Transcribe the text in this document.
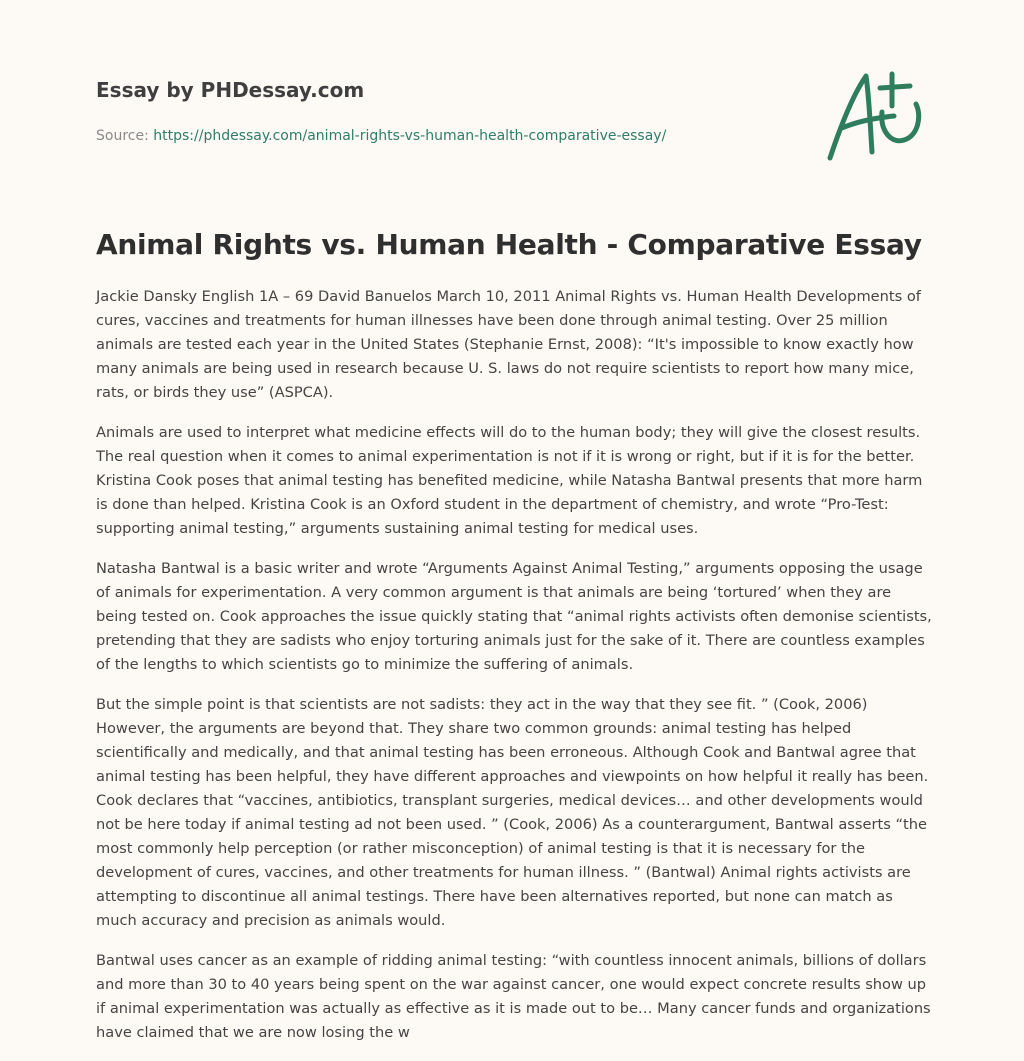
Essay by PHDessay.com
Source: https://phdessay.com/animal-rights-vs-human-health-comparative-essay/
Animal Rights vs. Human Health - Comparative Essay

Jackie Dansky English 1A – 69 David Banuelos March 10, 2011 Animal Rights vs. Human Health Developments of cures, vaccines and treatments for human illnesses have been done through animal testing. Over 25 million animals are tested each year in the United States (Stephanie Ernst, 2008): “It's impossible to know exactly how many animals are being used in research because U. S. laws do not require scientists to report how many mice, rats, or birds they use” (ASPCA).

Animals are used to interpret what medicine effects will do to the human body; they will give the closest results. The real question when it comes to animal experimentation is not if it is wrong or right, but if it is for the better. Kristina Cook poses that animal testing has benefited medicine, while Natasha Bantwal presents that more harm is done than helped. Kristina Cook is an Oxford student in the department of chemistry, and wrote “Pro-Test: supporting animal testing,” arguments sustaining animal testing for medical uses.

Natasha Bantwal is a basic writer and wrote “Arguments Against Animal Testing,” arguments opposing the usage of animals for experimentation. A very common argument is that animals are being ‘tortured’ when they are being tested on. Cook approaches the issue quickly stating that “animal rights activists often demonise scientists, pretending that they are sadists who enjoy torturing animals just for the sake of it. There are countless examples of the lengths to which scientists go to minimize the suffering of animals.

But the simple point is that scientists are not sadists: they act in the way that they see fit. ” (Cook, 2006) However, the arguments are beyond that. They share two common grounds: animal testing has helped scientifically and medically, and that animal testing has been erroneous. Although Cook and Bantwal agree that animal testing has been helpful, they have different approaches and viewpoints on how helpful it really has been. Cook declares that “vaccines, antibiotics, transplant surgeries, medical devices… and other developments would not be here today if animal testing ad not been used. ” (Cook, 2006) As a counterargument, Bantwal asserts “the most commonly help perception (or rather misconception) of animal testing is that it is necessary for the development of cures, vaccines, and other treatments for human illness. ” (Bantwal) Animal rights activists are attempting to discontinue all animal testings. There have been alternatives reported, but none can match as much accuracy and precision as animals would.

Bantwal uses cancer as an example of ridding animal testing: “with countless innocent animals, billions of dollars and more than 30 to 40 years being spent on the war against cancer, one would expect concrete results show up if animal experimentation was actually as effective as it is made out to be… Many cancer funds and organizations have claimed that we are now losing the w
